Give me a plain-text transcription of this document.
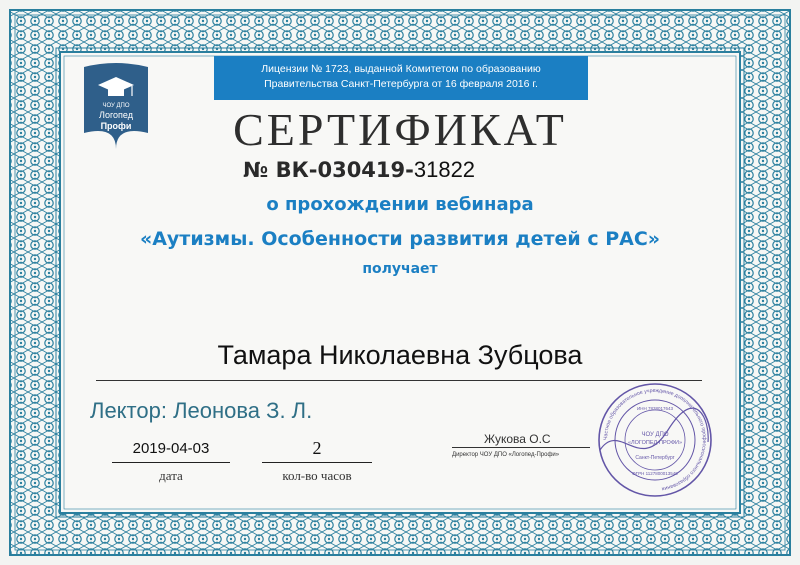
ЧОУ ДПО
Логопед
Профи
Лицензии № 1723, выданной Комитетом по образованию
Правительства Санкт-Петербурга от 16 февраля 2016 г.
СЕРТИФИКАТ
№ ВК-030419-31822
о прохождении вебинара
«Аутизмы. Особенности развития детей с РАС»
получает
Тамара Николаевна Зубцова
Лектор: Леонова З. Л.
2019-04-03
дата
2
кол-во часов
Жукова О.С
Директор ЧОУ ДПО «Логопед-Профи»
Частное образовательное учреждение дополнительного профессионального образования
ЧОУ ДПО
«ЛОГОПЕД-ПРОФИ»
Санкт-Петербург
ИНН 7838017643
ОГРН 1127800013540
